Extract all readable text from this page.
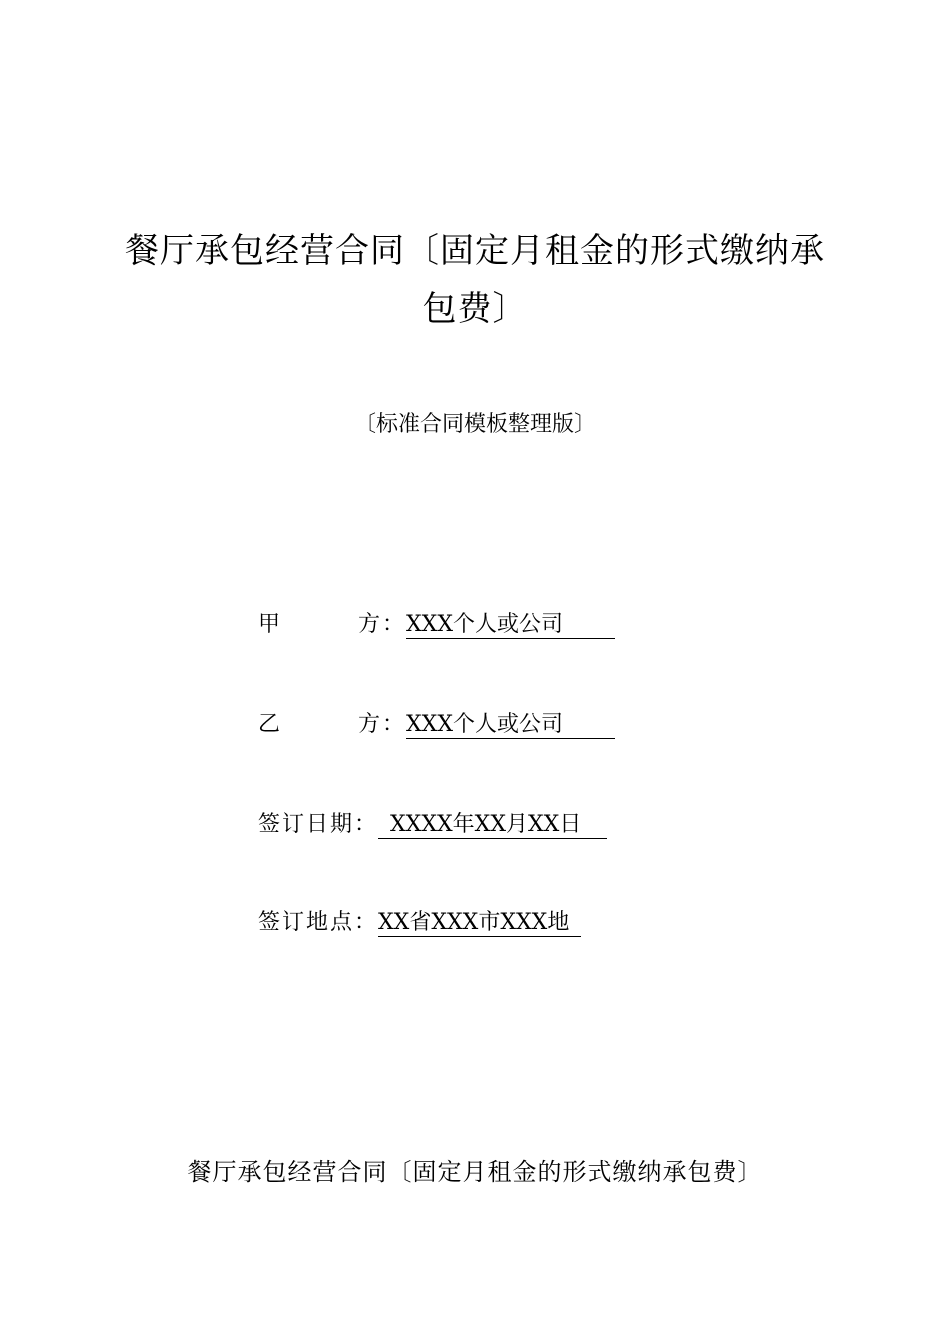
餐厅承包经营合同〔固定月租金的形式缴纳承
包费〕
〔标准合同模板整理版〕
甲	方：XXX个人或公司
乙	方：XXX个人或公司
签订日期： XXXX年XX月XX日
签订地点：XX省XXX市XXX地
餐厅承包经营合同〔固定月租金的形式缴纳承包费〕
